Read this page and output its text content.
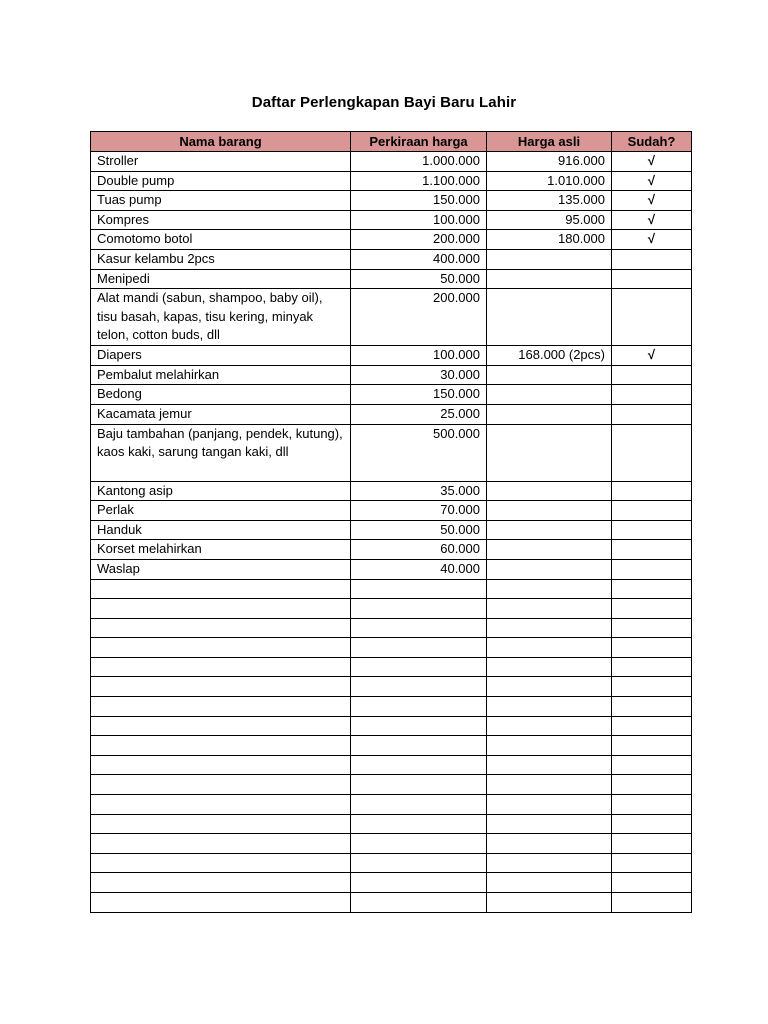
Daftar Perlengkapan Bayi Baru Lahir
Nama barang	Perkiraan harga	Harga asli	Sudah?
Stroller	1.000.000	916.000	√
Double pump	1.100.000	1.010.000	√
Tuas pump	150.000	135.000	√
Kompres	100.000	95.000	√
Comotomo botol	200.000	180.000	√
Kasur kelambu 2pcs	400.000		
Menipedi	50.000		
Alat mandi (sabun, shampoo, baby oil), tisu basah, kapas, tisu kering, minyak telon, cotton buds, dll	200.000		
Diapers	100.000	168.000 (2pcs)	√
Pembalut melahirkan	30.000		
Bedong	150.000		
Kacamata jemur	25.000		
Baju tambahan (panjang, pendek, kutung), kaos kaki, sarung tangan kaki, dll	500.000		
Kantong asip	35.000		
Perlak	70.000		
Handuk	50.000		
Korset melahirkan	60.000		
Waslap	40.000		
